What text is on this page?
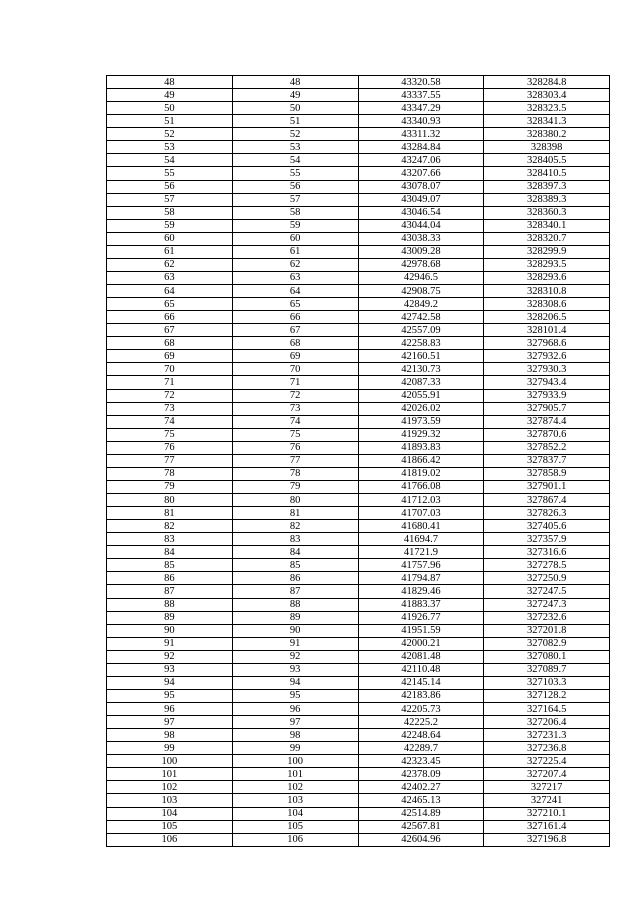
48	48	43320.58	328284.8
49	49	43337.55	328303.4
50	50	43347.29	328323.5
51	51	43340.93	328341.3
52	52	43311.32	328380.2
53	53	43284.84	328398
54	54	43247.06	328405.5
55	55	43207.66	328410.5
56	56	43078.07	328397.3
57	57	43049.07	328389.3
58	58	43046.54	328360.3
59	59	43044.04	328340.1
60	60	43038.33	328320.7
61	61	43009.28	328299.9
62	62	42978.68	328293.5
63	63	42946.5	328293.6
64	64	42908.75	328310.8
65	65	42849.2	328308.6
66	66	42742.58	328206.5
67	67	42557.09	328101.4
68	68	42258.83	327968.6
69	69	42160.51	327932.6
70	70	42130.73	327930.3
71	71	42087.33	327943.4
72	72	42055.91	327933.9
73	73	42026.02	327905.7
74	74	41973.59	327874.4
75	75	41929.32	327870.6
76	76	41893.83	327852.2
77	77	41866.42	327837.7
78	78	41819.02	327858.9
79	79	41766.08	327901.1
80	80	41712.03	327867.4
81	81	41707.03	327826.3
82	82	41680.41	327405.6
83	83	41694.7	327357.9
84	84	41721.9	327316.6
85	85	41757.96	327278.5
86	86	41794.87	327250.9
87	87	41829.46	327247.5
88	88	41883.37	327247.3
89	89	41926.77	327232.6
90	90	41951.59	327201.8
91	91	42000.21	327082.9
92	92	42081.48	327080.1
93	93	42110.48	327089.7
94	94	42145.14	327103.3
95	95	42183.86	327128.2
96	96	42205.73	327164.5
97	97	42225.2	327206.4
98	98	42248.64	327231.3
99	99	42289.7	327236.8
100	100	42323.45	327225.4
101	101	42378.09	327207.4
102	102	42402.27	327217
103	103	42465.13	327241
104	104	42514.89	327210.1
105	105	42567.81	327161.4
106	106	42604.96	327196.8
